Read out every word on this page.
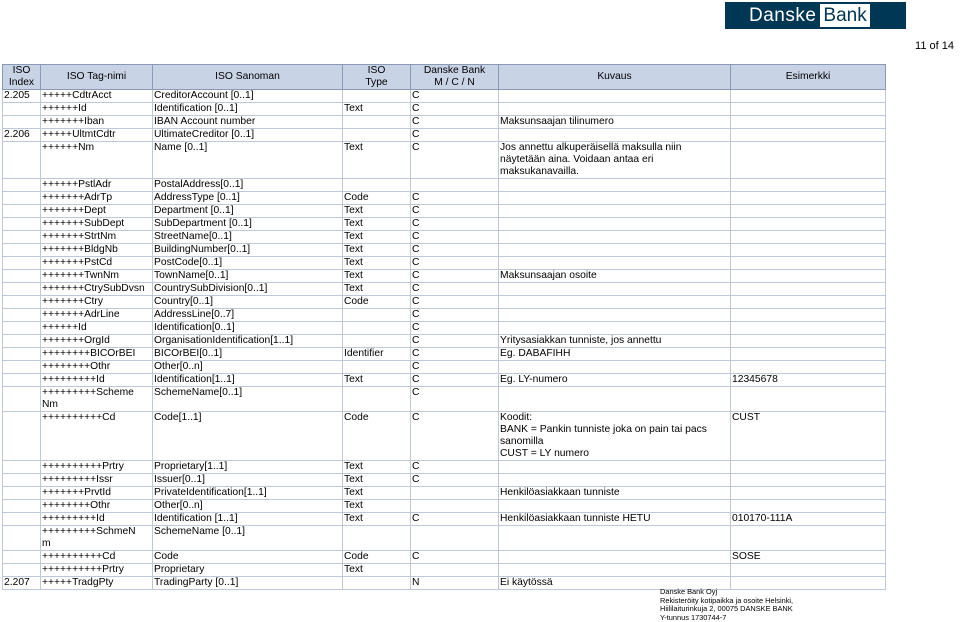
Danske Bank
11 of 14
ISO
Index	ISO Tag-nimi	ISO Sanoman	ISO
Type	Danske Bank
M / C / N	Kuvaus	Esimerkki
2.205	+++++CdtrAcct	CreditorAccount [0..1]		C		
	++++++Id	Identification [0..1]	Text	C		
	+++++++Iban	IBAN Account number		C	Maksunsaajan tilinumero	
2.206	+++++UltmtCdtr	UltimateCreditor [0..1]		C		
	++++++Nm	Name [0..1]	Text	C	Jos annettu alkuperäisellä maksulla niin
näytetään aina. Voidaan antaa eri
maksukanavailla.

	++++++PstlAdr	PostalAddress[0..1]				
	+++++++AdrTp	AddressType [0..1]	Code	C		
	+++++++Dept	Department [0..1]	Text	C		
	+++++++SubDept	SubDepartment [0..1]	Text	C		
	+++++++StrtNm	StreetName[0..1]	Text	C		
	+++++++BldgNb	BuildingNumber[0..1]	Text	C		
	+++++++PstCd	PostCode[0..1]	Text	C		
	+++++++TwnNm	TownName[0..1]	Text	C	Maksunsaajan osoite	
	+++++++CtrySubDvsn	CountrySubDivision[0..1]	Text	C		
	+++++++Ctry	Country[0..1]	Code	C		
	+++++++AdrLine	AddressLine[0..7]		C		
	++++++Id	Identification[0..1]		C		
	+++++++OrgId	OrganisationIdentification[1..1]		C	Yritysasiakkan tunniste, jos annettu	
	++++++++BICOrBEI	BICOrBEI[0..1]	Identifier	C	Eg. DABAFIHH	
	++++++++Othr	Other[0..n]		C		
	+++++++++Id	Identification[1..1]	Text	C	Eg. LY-numero	12345678
	+++++++++Scheme
Nm	SchemeName[0..1]		C		
	++++++++++Cd	Code[1..1]	Code	C	Koodit:
BANK = Pankin tunniste joka on pain tai pacs
sanomilla
CUST = LY numero	CUST
	++++++++++Prtry	Proprietary[1..1]	Text	C		
	+++++++++Issr	Issuer[0..1]	Text	C		
	+++++++PrvtId	PrivateIdentification[1..1]	Text		Henkilöasiakkaan tunniste	
	++++++++Othr	Other[0..n]	Text			
	+++++++++Id	Identification [1..1]	Text	C	Henkilöasiakkaan tunniste HETU	010170-111A
	+++++++++SchmeN
m	SchemeName [0..1]				
	++++++++++Cd	Code	Code	C		SOSE
	++++++++++Prtry	Proprietary	Text			
2.207	+++++TradgPty	TradingParty [0..1]		N	Ei käytössä	
Danske Bank Oyj
Rekisteröity kotipaikka ja osoite Helsinki,
Hiililaiturinkuja 2, 00075 DANSKE BANK
Y-tunnus 1730744-7
